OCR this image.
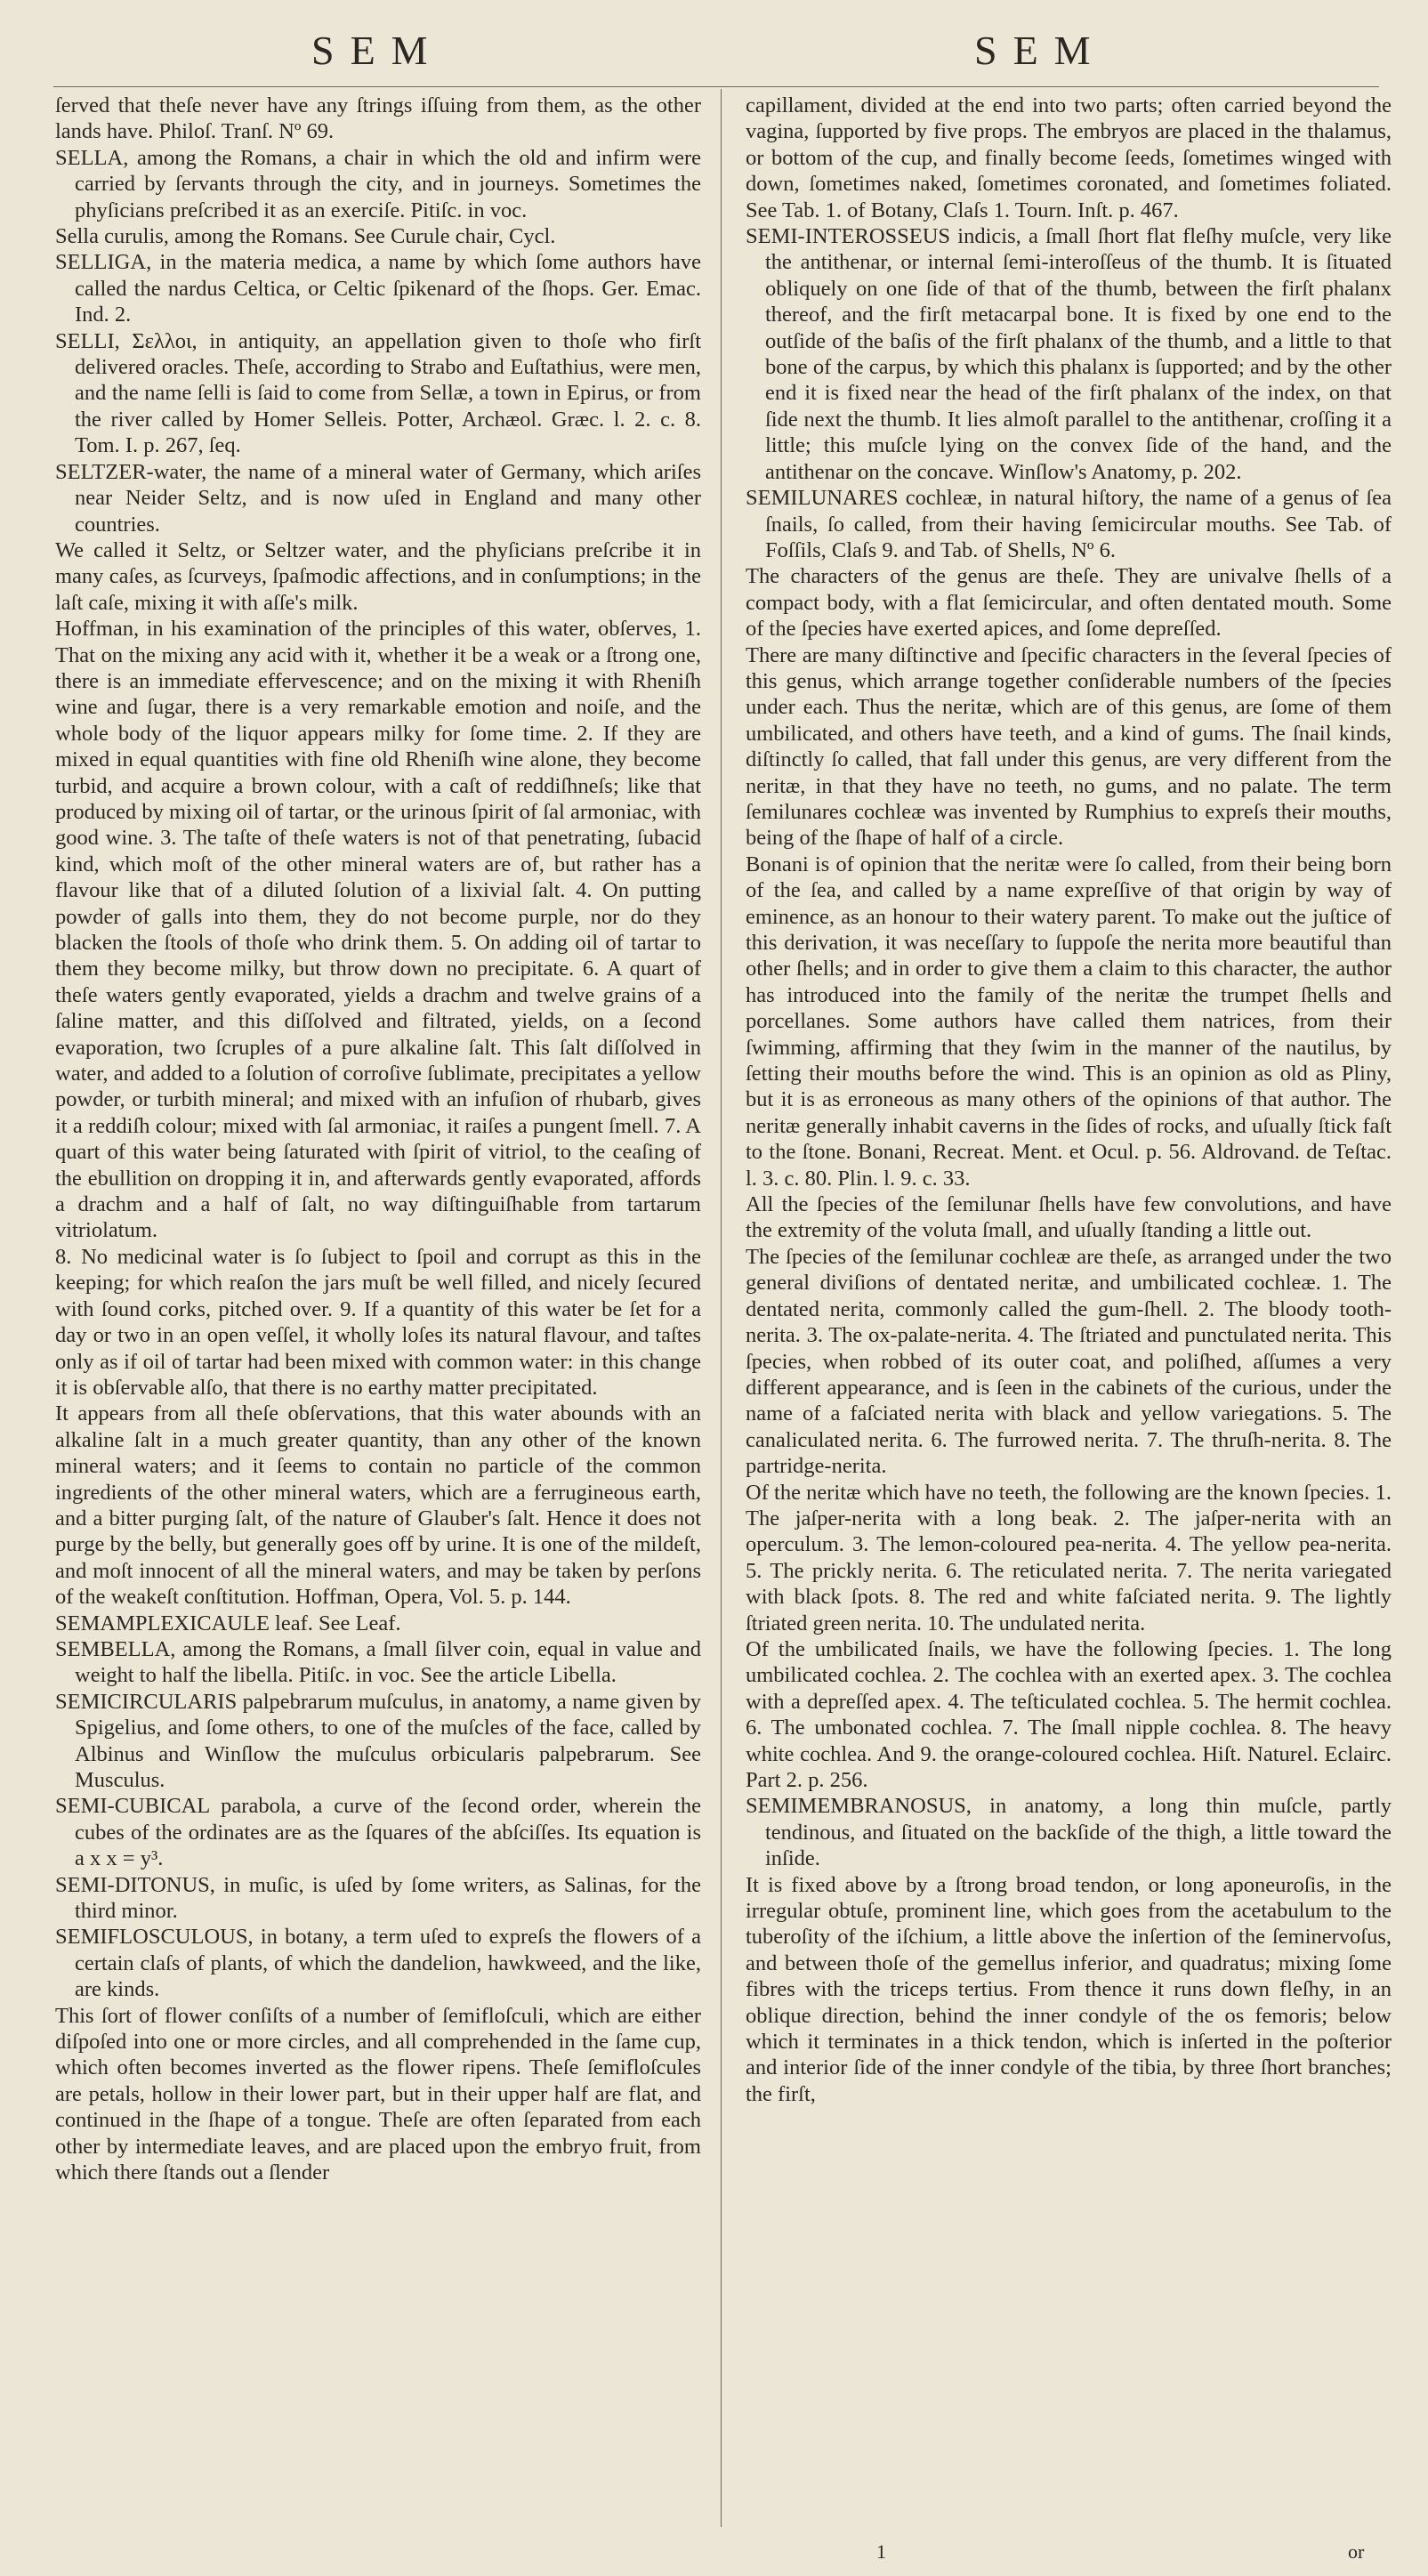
SEM	SEM

ſerved that theſe never have any ſtrings iſſuing from them, as the other lands have. Philoſ. Tranſ. Nº 69.

SELLA, among the Romans, a chair in which the old and infirm were carried by ſervants through the city, and in journeys. Sometimes the phyſicians preſcribed it as an exerciſe. Pitiſc. in voc.

Sella curulis, among the Romans. See Curule chair, Cycl.

SELLIGA, in the materia medica, a name by which ſome authors have called the nardus Celtica, or Celtic ſpikenard of the ſhops. Ger. Emac. Ind. 2.

SELLI, Σελλοι, in antiquity, an appellation given to thoſe who firſt delivered oracles. Theſe, according to Strabo and Euſtathius, were men, and the name ſelli is ſaid to come from Sellæ, a town in Epirus, or from the river called by Homer Selleis. Potter, Archæol. Græc. l. 2. c. 8. Tom. I. p. 267, ſeq.

SELTZER-water, the name of a mineral water of Germany, which ariſes near Neider Seltz, and is now uſed in England and many other countries.

We called it Seltz, or Seltzer water, and the phyſicians preſcribe it in many caſes, as ſcurveys, ſpaſmodic affections, and in conſumptions; in the laſt caſe, mixing it with aſſe's milk.

Hoffman, in his examination of the principles of this water, obſerves, 1. That on the mixing any acid with it, whether it be a weak or a ſtrong one, there is an immediate effervescence; and on the mixing it with Rheniſh wine and ſugar, there is a very remarkable emotion and noiſe, and the whole body of the liquor appears milky for ſome time. 2. If they are mixed in equal quantities with fine old Rheniſh wine alone, they become turbid, and acquire a brown colour, with a caſt of reddiſhneſs; like that produced by mixing oil of tartar, or the urinous ſpirit of ſal armoniac, with good wine. 3. The taſte of theſe waters is not of that penetrating, ſubacid kind, which moſt of the other mineral waters are of, but rather has a flavour like that of a diluted ſolution of a lixivial ſalt. 4. On putting powder of galls into them, they do not become purple, nor do they blacken the ſtools of thoſe who drink them. 5. On adding oil of tartar to them they become milky, but throw down no precipitate. 6. A quart of theſe waters gently evaporated, yields a drachm and twelve grains of a ſaline matter, and this diſſolved and filtrated, yields, on a ſecond evaporation, two ſcruples of a pure alkaline ſalt. This ſalt diſſolved in water, and added to a ſolution of corroſive ſublimate, precipitates a yellow powder, or turbith mineral; and mixed with an infuſion of rhubarb, gives it a reddiſh colour; mixed with ſal armoniac, it raiſes a pungent ſmell. 7. A quart of this water being ſaturated with ſpirit of vitriol, to the ceaſing of the ebullition on dropping it in, and afterwards gently evaporated, affords a drachm and a half of ſalt, no way diſtinguiſhable from tartarum vitriolatum.

8. No medicinal water is ſo ſubject to ſpoil and corrupt as this in the keeping; for which reaſon the jars muſt be well filled, and nicely ſecured with ſound corks, pitched over. 9. If a quantity of this water be ſet for a day or two in an open veſſel, it wholly loſes its natural flavour, and taſtes only as if oil of tartar had been mixed with common water: in this change it is obſervable alſo, that there is no earthy matter precipitated.

It appears from all theſe obſervations, that this water abounds with an alkaline ſalt in a much greater quantity, than any other of the known mineral waters; and it ſeems to contain no particle of the common ingredients of the other mineral waters, which are a ferrugineous earth, and a bitter purging ſalt, of the nature of Glauber's ſalt. Hence it does not purge by the belly, but generally goes off by urine. It is one of the mildeſt, and moſt innocent of all the mineral waters, and may be taken by perſons of the weakeſt conſtitution. Hoffman, Opera, Vol. 5. p. 144.

SEMAMPLEXICAULE leaf. See Leaf.

SEMBELLA, among the Romans, a ſmall ſilver coin, equal in value and weight to half the libella. Pitiſc. in voc. See the article Libella.

SEMICIRCULARIS palpebrarum muſculus, in anatomy, a name given by Spigelius, and ſome others, to one of the muſcles of the face, called by Albinus and Winſlow the muſculus orbicularis palpebrarum. See Musculus.

SEMI-CUBICAL parabola, a curve of the ſecond order, wherein the cubes of the ordinates are as the ſquares of the abſciſſes. Its equation is a x x = y³.

SEMI-DITONUS, in muſic, is uſed by ſome writers, as Salinas, for the third minor.

SEMIFLOSCULOUS, in botany, a term uſed to expreſs the flowers of a certain claſs of plants, of which the dandelion, hawkweed, and the like, are kinds.

This ſort of flower conſiſts of a number of ſemifloſculi, which are either diſpoſed into one or more circles, and all comprehended in the ſame cup, which often becomes inverted as the flower ripens. Theſe ſemifloſcules are petals, hollow in their lower part, but in their upper half are flat, and continued in the ſhape of a tongue. Theſe are often ſeparated from each other by intermediate leaves, and are placed upon the embryo fruit, from which there ſtands out a ſlender

capillament, divided at the end into two parts; often carried beyond the vagina, ſupported by five props. The embryos are placed in the thalamus, or bottom of the cup, and finally become ſeeds, ſometimes winged with down, ſometimes naked, ſometimes coronated, and ſometimes foliated. See Tab. 1. of Botany, Claſs 1. Tourn. Inſt. p. 467.

SEMI-INTEROSSEUS indicis, a ſmall ſhort flat fleſhy muſcle, very like the antithenar, or internal ſemi-interoſſeus of the thumb. It is ſituated obliquely on one ſide of that of the thumb, between the firſt phalanx thereof, and the firſt metacarpal bone. It is fixed by one end to the outſide of the baſis of the firſt phalanx of the thumb, and a little to that bone of the carpus, by which this phalanx is ſupported; and by the other end it is fixed near the head of the firſt phalanx of the index, on that ſide next the thumb. It lies almoſt parallel to the antithenar, croſſing it a little; this muſcle lying on the convex ſide of the hand, and the antithenar on the concave. Winſlow's Anatomy, p. 202.

SEMILUNARES cochleæ, in natural hiſtory, the name of a genus of ſea ſnails, ſo called, from their having ſemicircular mouths. See Tab. of Foſſils, Claſs 9. and Tab. of Shells, Nº 6.

The characters of the genus are theſe. They are univalve ſhells of a compact body, with a flat ſemicircular, and often dentated mouth. Some of the ſpecies have exerted apices, and ſome depreſſed.

There are many diſtinctive and ſpecific characters in the ſeveral ſpecies of this genus, which arrange together conſiderable numbers of the ſpecies under each. Thus the neritæ, which are of this genus, are ſome of them umbilicated, and others have teeth, and a kind of gums. The ſnail kinds, diſtinctly ſo called, that fall under this genus, are very different from the neritæ, in that they have no teeth, no gums, and no palate. The term ſemilunares cochleæ was invented by Rumphius to expreſs their mouths, being of the ſhape of half of a circle.

Bonani is of opinion that the neritæ were ſo called, from their being born of the ſea, and called by a name expreſſive of that origin by way of eminence, as an honour to their watery parent. To make out the juſtice of this derivation, it was neceſſary to ſuppoſe the nerita more beautiful than other ſhells; and in order to give them a claim to this character, the author has introduced into the family of the neritæ the trumpet ſhells and porcellanes. Some authors have called them natrices, from their ſwimming, affirming that they ſwim in the manner of the nautilus, by ſetting their mouths before the wind. This is an opinion as old as Pliny, but it is as erroneous as many others of the opinions of that author. The neritæ generally inhabit caverns in the ſides of rocks, and uſually ſtick faſt to the ſtone. Bonani, Recreat. Ment. et Ocul. p. 56. Aldrovand. de Teſtac. l. 3. c. 80. Plin. l. 9. c. 33.

All the ſpecies of the ſemilunar ſhells have few convolutions, and have the extremity of the voluta ſmall, and uſually ſtanding a little out.

The ſpecies of the ſemilunar cochleæ are theſe, as arranged under the two general diviſions of dentated neritæ, and umbilicated cochleæ. 1. The dentated nerita, commonly called the gum-ſhell. 2. The bloody tooth-nerita. 3. The ox-palate-nerita. 4. The ſtriated and punctulated nerita. This ſpecies, when robbed of its outer coat, and poliſhed, aſſumes a very different appearance, and is ſeen in the cabinets of the curious, under the name of a faſciated nerita with black and yellow variegations. 5. The canaliculated nerita. 6. The furrowed nerita. 7. The thruſh-nerita. 8. The partridge-nerita.

Of the neritæ which have no teeth, the following are the known ſpecies. 1. The jaſper-nerita with a long beak. 2. The jaſper-nerita with an operculum. 3. The lemon-coloured pea-nerita. 4. The yellow pea-nerita. 5. The prickly nerita. 6. The reticulated nerita. 7. The nerita variegated with black ſpots. 8. The red and white faſciated nerita. 9. The lightly ſtriated green nerita. 10. The undulated nerita.

Of the umbilicated ſnails, we have the following ſpecies. 1. The long umbilicated cochlea. 2. The cochlea with an exerted apex. 3. The cochlea with a depreſſed apex. 4. The teſticulated cochlea. 5. The hermit cochlea. 6. The umbonated cochlea. 7. The ſmall nipple cochlea. 8. The heavy white cochlea. And 9. the orange-coloured cochlea. Hiſt. Naturel. Eclairc. Part 2. p. 256.

SEMIMEMBRANOSUS, in anatomy, a long thin muſcle, partly tendinous, and ſituated on the backſide of the thigh, a little toward the inſide.

It is fixed above by a ſtrong broad tendon, or long aponeuroſis, in the irregular obtuſe, prominent line, which goes from the acetabulum to the tuberoſity of the iſchium, a little above the inſertion of the ſeminervoſus, and between thoſe of the gemellus inferior, and quadratus; mixing ſome fibres with the triceps tertius. From thence it runs down fleſhy, in an oblique direction, behind the inner condyle of the os femoris; below which it terminates in a thick tendon, which is inſerted in the poſterior and interior ſide of the inner condyle of the tibia, by three ſhort branches; the firſt,

1	or
